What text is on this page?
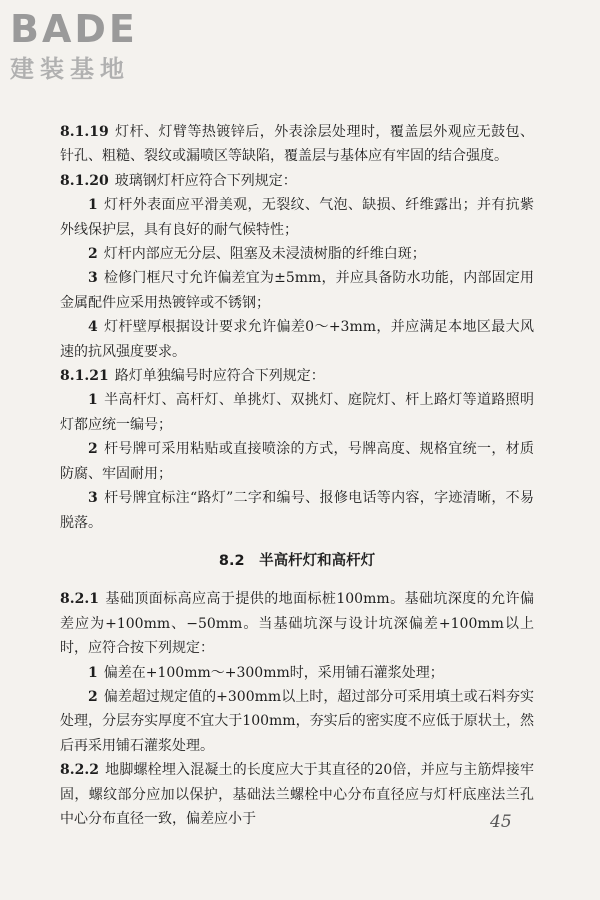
BADE
建装基地

8.1.19 灯杆、灯臂等热镀锌后，外表涂层处理时，覆盖层外观应无鼓包、针孔、粗糙、裂纹或漏喷区等缺陷，覆盖层与基体应有牢固的结合强度。

8.1.20 玻璃钢灯杆应符合下列规定：

1 灯杆外表面应平滑美观，无裂纹、气泡、缺损、纤维露出；并有抗紫外线保护层，具有良好的耐气候特性；

2 灯杆内部应无分层、阻塞及未浸渍树脂的纤维白斑；

3 检修门框尺寸允许偏差宜为±5mm，并应具备防水功能，内部固定用金属配件应采用热镀锌或不锈钢；

4 灯杆壁厚根据设计要求允许偏差0～+3mm，并应满足本地区最大风速的抗风强度要求。

8.1.21 路灯单独编号时应符合下列规定：

1 半高杆灯、高杆灯、单挑灯、双挑灯、庭院灯、杆上路灯等道路照明灯都应统一编号；

2 杆号牌可采用粘贴或直接喷涂的方式，号牌高度、规格宜统一，材质防腐、牢固耐用；

3 杆号牌宜标注“路灯”二字和编号、报修电话等内容，字迹清晰，不易脱落。

8.2　半高杆灯和高杆灯

8.2.1 基础顶面标高应高于提供的地面标桩100mm。基础坑深度的允许偏差应为+100mm、−50mm。当基础坑深与设计坑深偏差+100mm以上时，应符合按下列规定：

1 偏差在+100mm～+300mm时，采用铺石灌浆处理；

2 偏差超过规定值的+300mm以上时，超过部分可采用填土或石料夯实处理，分层夯实厚度不宜大于100mm，夯实后的密实度不应低于原状土，然后再采用铺石灌浆处理。

8.2.2 地脚螺栓埋入混凝土的长度应大于其直径的20倍，并应与主筋焊接牢固，螺纹部分应加以保护，基础法兰螺栓中心分布直径应与灯杆底座法兰孔中心分布直径一致，偏差应小于	45
